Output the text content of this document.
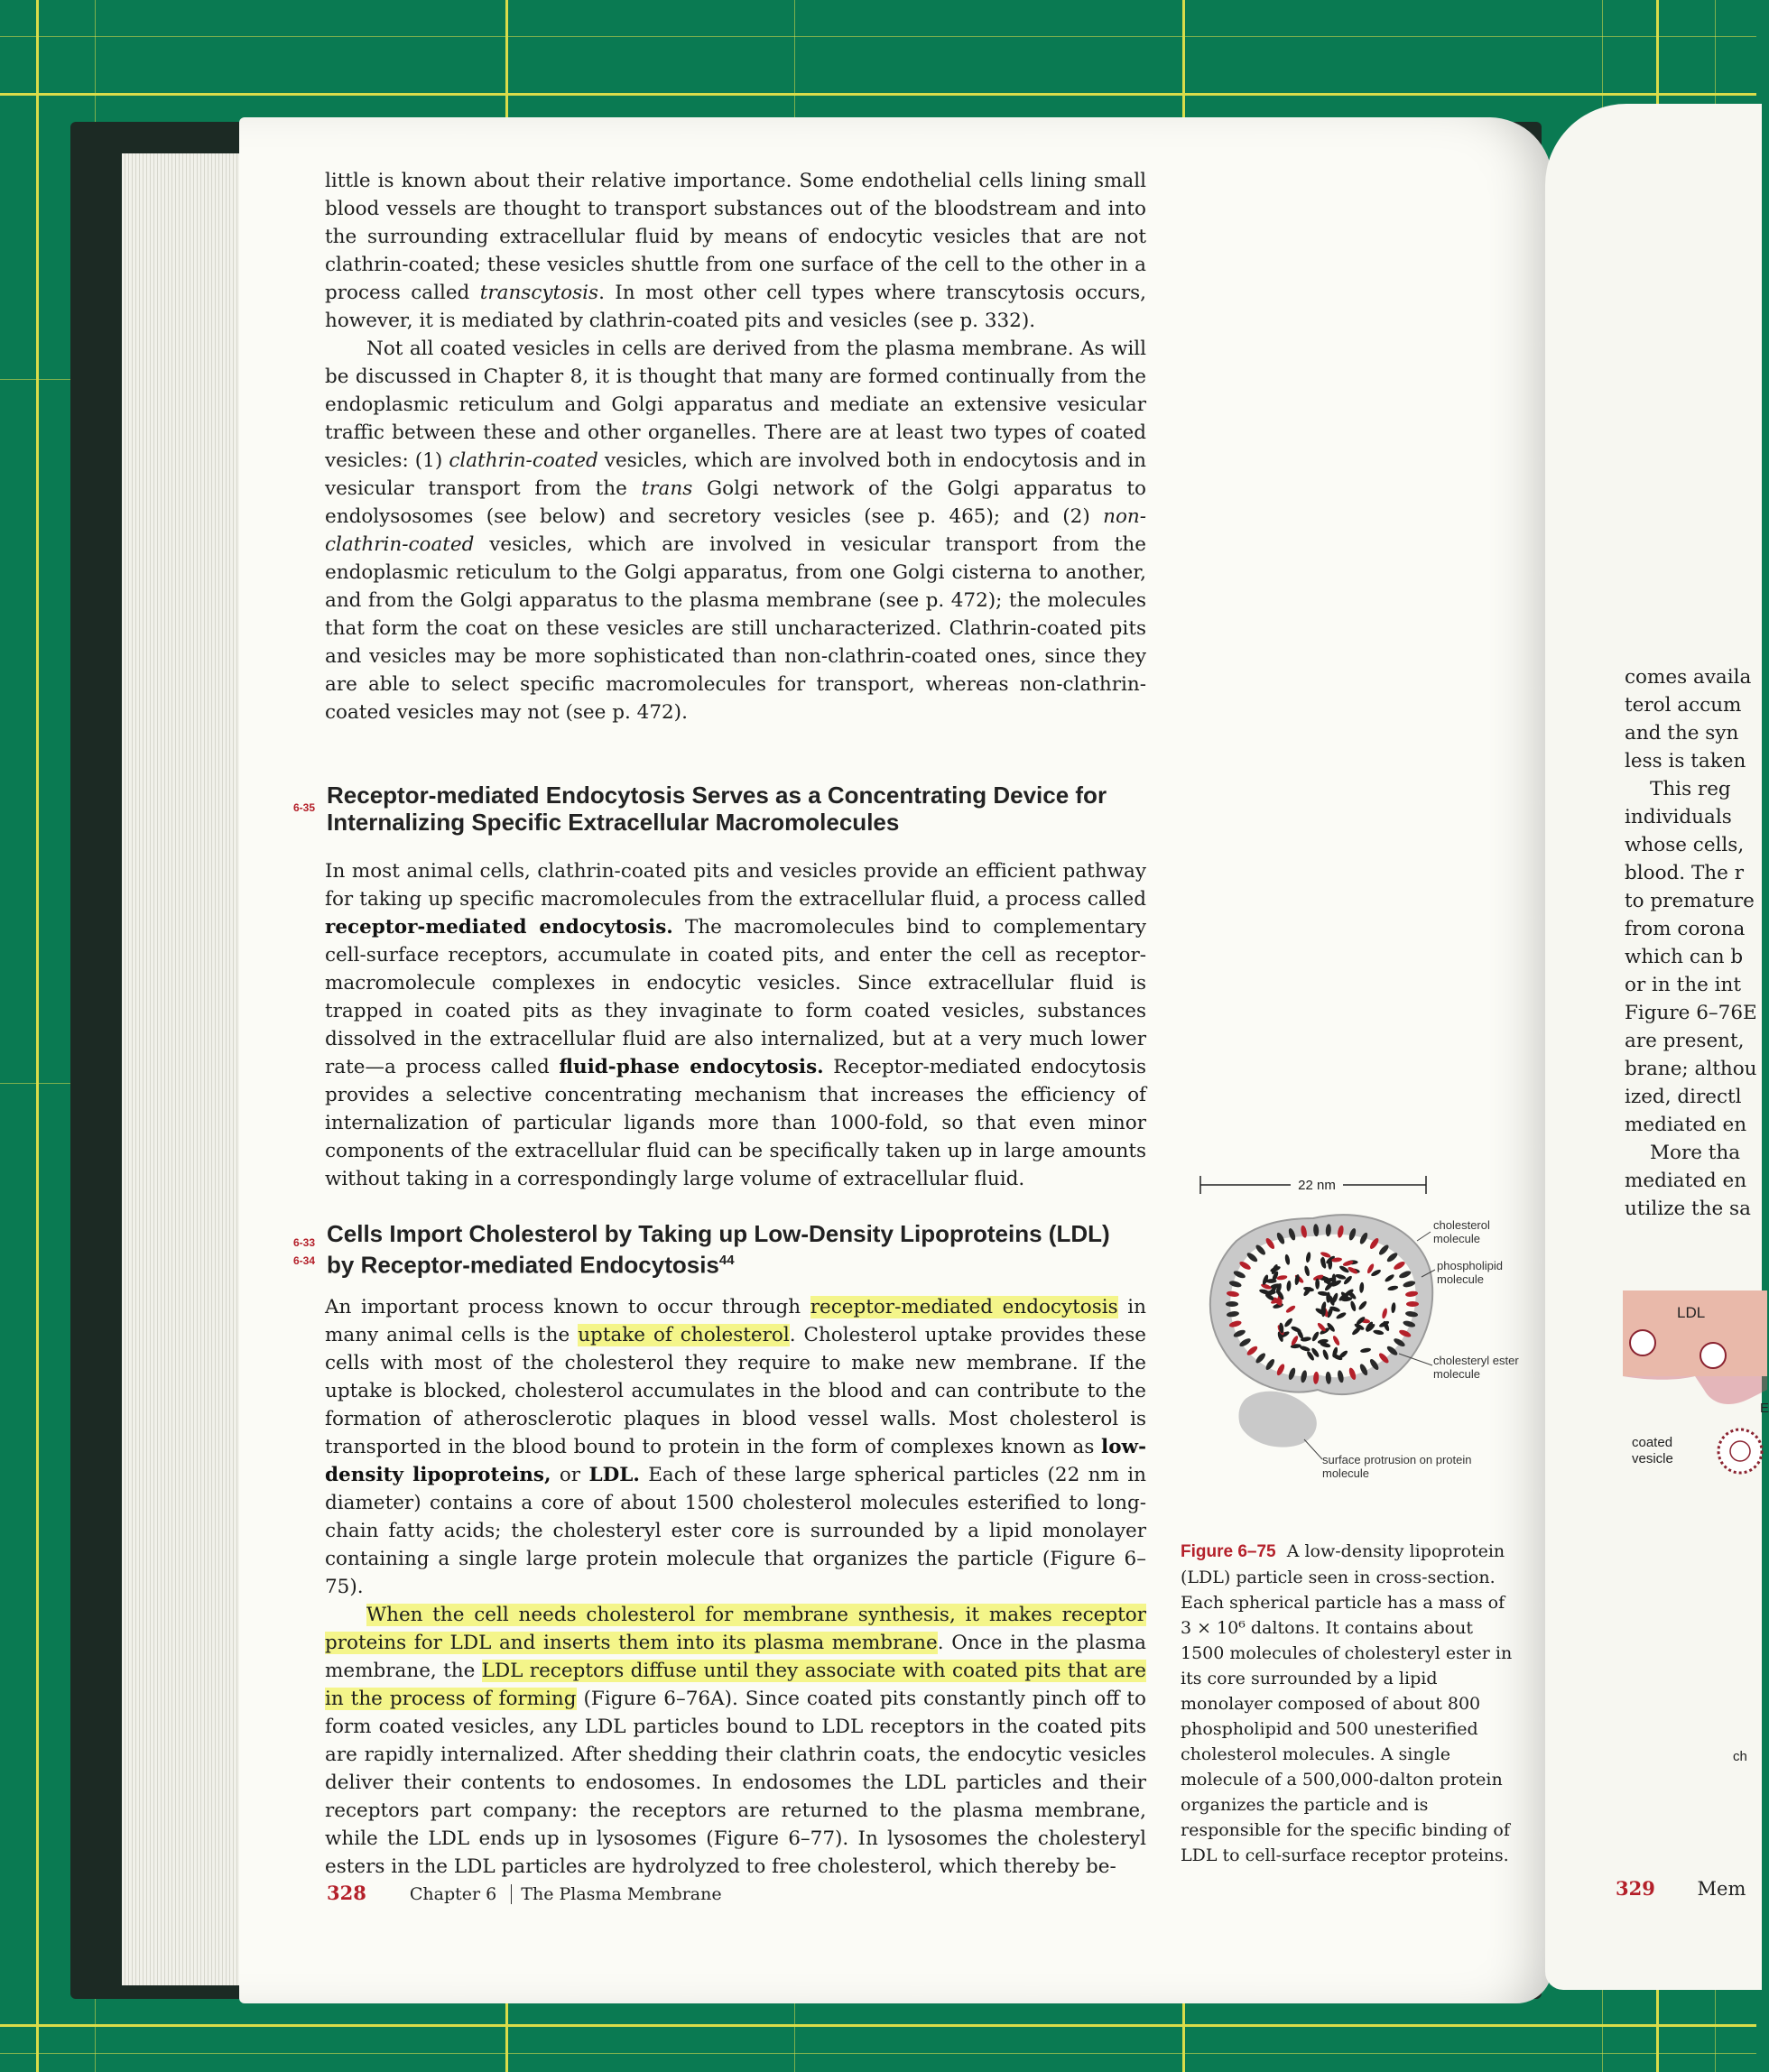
little is known about their relative importance. Some endothelial cells lining small blood vessels are thought to transport substances out of the bloodstream and into the surrounding extracellular fluid by means of endocytic vesicles that are not clathrin-coated; these vesicles shuttle from one surface of the cell to the other in a process called transcytosis. In most other cell types where transcytosis occurs, however, it is mediated by clathrin-coated pits and vesicles (see p. 332).

Not all coated vesicles in cells are derived from the plasma membrane. As will be discussed in Chapter 8, it is thought that many are formed continually from the endoplasmic reticulum and Golgi apparatus and mediate an extensive vesicular traffic between these and other organelles. There are at least two types of coated vesicles: (1) clathrin-coated vesicles, which are involved both in endocytosis and in vesicular transport from the trans Golgi network of the Golgi apparatus to endolysosomes (see below) and secretory vesicles (see p. 465); and (2) non-clathrin-coated vesicles, which are involved in vesicular transport from the endoplasmic reticulum to the Golgi apparatus, from one Golgi cisterna to another, and from the Golgi apparatus to the plasma membrane (see p. 472); the molecules that form the coat on these vesicles are still uncharacterized. Clathrin-coated pits and vesicles may be more sophisticated than non-clathrin-coated ones, since they are able to select specific macromolecules for transport, whereas non-clathrin-coated vesicles may not (see p. 472).

6-35 Receptor-mediated Endocytosis Serves as a Concentrating Device for Internalizing Specific Extracellular Macromolecules

In most animal cells, clathrin-coated pits and vesicles provide an efficient pathway for taking up specific macromolecules from the extracellular fluid, a process called receptor-mediated endocytosis. The macromolecules bind to complementary cell-surface receptors, accumulate in coated pits, and enter the cell as receptor-macromolecule complexes in endocytic vesicles. Since extracellular fluid is trapped in coated pits as they invaginate to form coated vesicles, substances dissolved in the extracellular fluid are also internalized, but at a very much lower rate—a process called fluid-phase endocytosis. Receptor-mediated endocytosis provides a selective concentrating mechanism that increases the efficiency of internalization of particular ligands more than 1000-fold, so that even minor components of the extracellular fluid can be specifically taken up in large amounts without taking in a correspondingly large volume of extracellular fluid.

6-33
6-34
Cells Import Cholesterol by Taking up Low-Density Lipoproteins (LDL) by Receptor-mediated Endocytosis$^{44}$

An important process known to occur through receptor-mediated endocytosis in many animal cells is the uptake of cholesterol. Cholesterol uptake provides these cells with most of the cholesterol they require to make new membrane. If the uptake is blocked, cholesterol accumulates in the blood and can contribute to the formation of atherosclerotic plaques in blood vessel walls. Most cholesterol is transported in the blood bound to protein in the form of complexes known as low-density lipoproteins, or LDL. Each of these large spherical particles (22 nm in diameter) contains a core of about 1500 cholesterol molecules esterified to long-chain fatty acids; the cholesteryl ester core is surrounded by a lipid monolayer containing a single large protein molecule that organizes the particle (Figure 6–75).

When the cell needs cholesterol for membrane synthesis, it makes receptor proteins for LDL and inserts them into its plasma membrane. Once in the plasma membrane, the LDL receptors diffuse until they associate with coated pits that are in the process of forming (Figure 6–76A). Since coated pits constantly pinch off to form coated vesicles, any LDL particles bound to LDL receptors in the coated pits are rapidly internalized. After shedding their clathrin coats, the endocytic vesicles deliver their contents to endosomes. In endosomes the LDL particles and their receptors part company: the receptors are returned to the plasma membrane, while the LDL ends up in lysosomes (Figure 6–77). In lysosomes the cholesteryl esters in the LDL particles are hydrolyzed to free cholesterol, which thereby be-

22 nm
cholesterol molecule
phospholipid molecule
cholesteryl ester molecule
surface protrusion on protein molecule
Figure 6–75 A low-density lipoprotein (LDL) particle seen in cross-section. Each spherical particle has a mass of 3 × 10⁶ daltons. It contains about 1500 molecules of cholesteryl ester in its core surrounded by a lipid monolayer composed of about 800 phospholipid and 500 unesterified cholesterol molecules. A single molecule of a 500,000-dalton protein organizes the particle and is responsible for the specific binding of LDL to cell-surface receptor proteins.
328	Chapter 6 The Plasma Membrane
comes availa
terol accum
and the syn
less is taken
This reg
individuals
whose cells,
blood. The r
to premature
from corona
which can b
or in the int
Figure 6–76E
are present,
brane; althou
ized, directl
mediated en
More tha
mediated en
utilize the sa
LDL
E
coated vesicle
ch
329 Mem
